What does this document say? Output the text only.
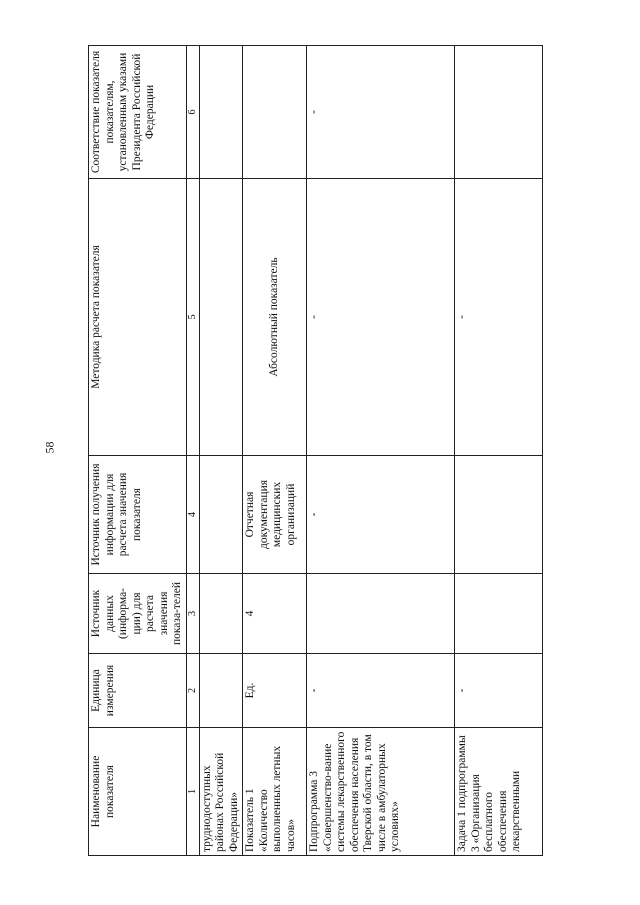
58
Наименование показателя	Единица измерения	Источник данных (информа-ции) для расчета значения показа-телей	Источник получения информации для расчета значения показателя	Методика расчета показателя	Соответствие показателя показателям, установленным указами Президента Российской Федерации
1	2	3	4	5	6
труднодоступных районах Российской Федерации»					
Показатель 1 «Количество выполненных летных часов»	Ед.	4	Отчетная документация медицинских организаций	Абсолютный показатель	
Подпрограмма 3 «Совершенство-вание системы лекарственного обеспечения населения Тверской области, в том числе в амбулаторных условиях»	-		-	-	-
Задача 1 подпрограммы 3 «Организация бесплатного обеспечения лекарственными	-			-	
